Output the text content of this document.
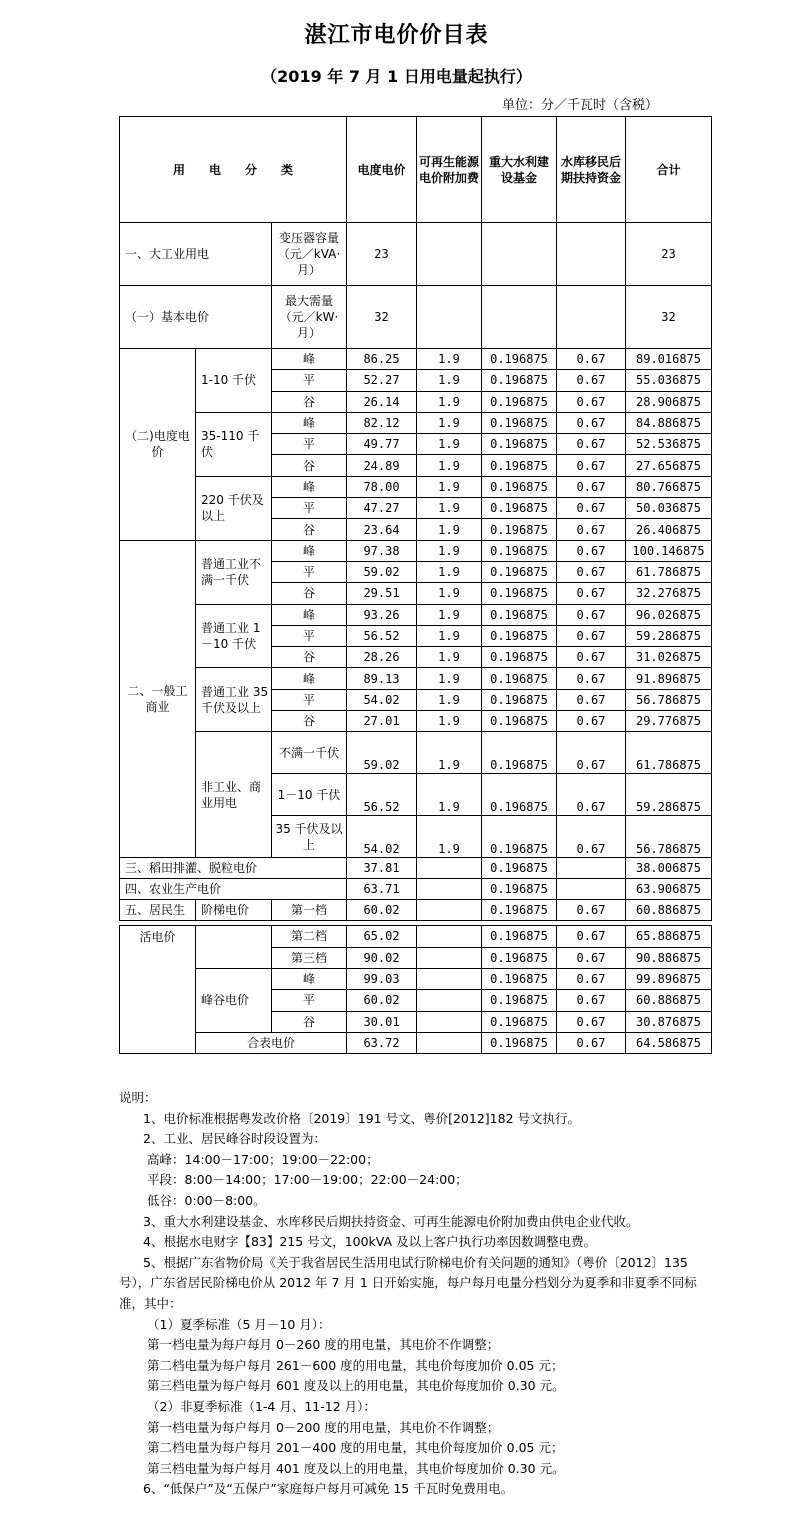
湛江市电价价目表
（2019 年 7 月 1 日用电量起执行）
单位：分／千瓦时（含税）
用　　电　　分　　类			电度电价	可再生能源电价附加费	重大水利建设基金	水库移民后期扶持资金	合计
一、大工业用电		变压器容量（元／kVA·月）	23				23
（一）基本电价		最大需量（元／kW·月）	32				32
（二)电度电价	1-10 千伏	峰	86.25	1.9	0.196875	0.67	89.016875
		平	52.27	1.9	0.196875	0.67	55.036875
		谷	26.14	1.9	0.196875	0.67	28.906875
	35-110 千伏	峰	82.12	1.9	0.196875	0.67	84.886875
		平	49.77	1.9	0.196875	0.67	52.536875
		谷	24.89	1.9	0.196875	0.67	27.656875
	220 千伏及以上	峰	78.00	1.9	0.196875	0.67	80.766875
		平	47.27	1.9	0.196875	0.67	50.036875
		谷	23.64	1.9	0.196875	0.67	26.406875
二、一般工商业	普通工业不满一千伏	峰	97.38	1.9	0.196875	0.67	100.146875
		平	59.02	1.9	0.196875	0.67	61.786875
		谷	29.51	1.9	0.196875	0.67	32.276875
	普通工业 1－10 千伏	峰	93.26	1.9	0.196875	0.67	96.026875
		平	56.52	1.9	0.196875	0.67	59.286875
		谷	28.26	1.9	0.196875	0.67	31.026875
	普通工业 35 千伏及以上	峰	89.13	1.9	0.196875	0.67	91.896875
		平	54.02	1.9	0.196875	0.67	56.786875
		谷	27.01	1.9	0.196875	0.67	29.776875
	非工业、商业用电	不满一千伏	59.02	1.9	0.196875	0.67	61.786875
		1－10 千伏	56.52	1.9	0.196875	0.67	59.286875
		35 千伏及以上	54.02	1.9	0.196875	0.67	56.786875
三、稻田排灌、脱粒电价			37.81		0.196875		38.006875
四、农业生产电价			63.71		0.196875		63.906875
五、居民生	阶梯电价	第一档	60.02		0.196875	0.67	60.886875

活电价		第二档	65.02		0.196875	0.67	65.886875
		第三档	90.02		0.196875	0.67	90.886875
	峰谷电价	峰	99.03		0.196875	0.67	99.896875
		平	60.02		0.196875	0.67	60.886875
		谷	30.01		0.196875	0.67	30.876875
	合表电价		63.72		0.196875	0.67	64.586875
说明：
1、电价标准根据粤发改价格〔2019〕191 号文、粤价[2012]182 号文执行。
2、工业、居民峰谷时段设置为：
高峰：14:00－17:00；19:00－22:00；
平段：8:00－14:00；17:00－19:00；22:00－24:00；
低谷：0:00－8:00。
3、重大水利建设基金、水库移民后期扶持资金、可再生能源电价附加费由供电企业代收。
4、根据水电财字【83】215 号文，100kVA 及以上客户执行功率因数调整电费。
5、根据广东省物价局《关于我省居民生活用电试行阶梯电价有关问题的通知》（粤价〔2012〕135 号），广东省居民阶梯电价从 2012 年 7 月 1 日开始实施，每户每月电量分档划分为夏季和非夏季不同标准，其中：
（1）夏季标准（5 月－10 月）：
第一档电量为每户每月 0－260 度的用电量，其电价不作调整；
第二档电量为每户每月 261－600 度的用电量，其电价每度加价 0.05 元；
第三档电量为每户每月 601 度及以上的用电量，其电价每度加价 0.30 元。
（2）非夏季标准（1-4 月、11-12 月）：
第一档电量为每户每月 0－200 度的用电量，其电价不作调整；
第二档电量为每户每月 201－400 度的用电量，其电价每度加价 0.05 元；
第三档电量为每户每月 401 度及以上的用电量，其电价每度加价 0.30 元。
6、“低保户”及“五保户”家庭每户每月可减免 15 千瓦时免费用电。
